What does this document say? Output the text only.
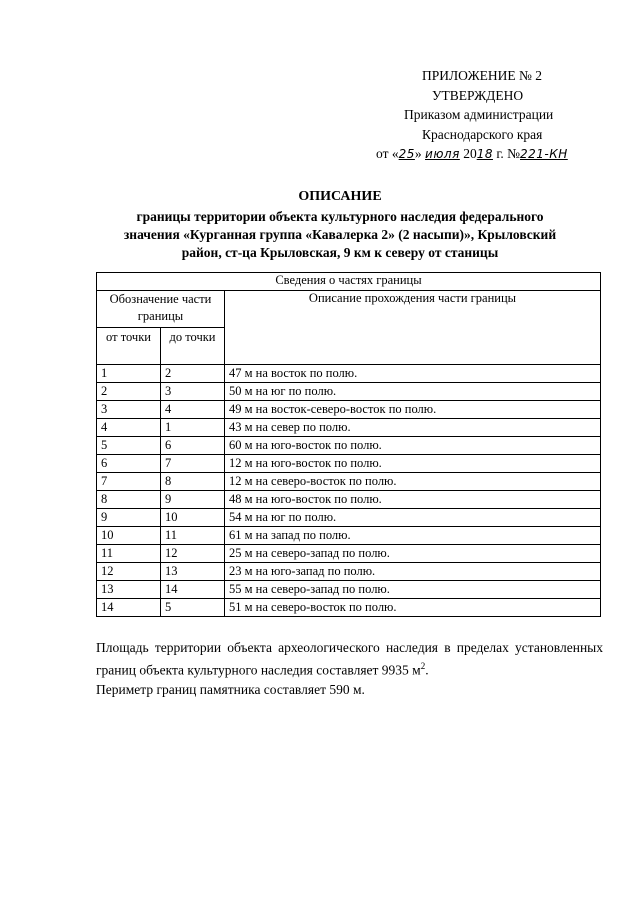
ПРИЛОЖЕНИЕ № 2
УТВЕРЖДЕНО
Приказом администрации
Краснодарского края
от «25» июля 2018 г. №221-КН
ОПИСАНИЕ
границы территории объекта культурного наследия федерального
значения «Курганная группа «Кавалерка 2» (2 насыпи)», Крыловский
район, ст-ца Крыловская, 9 км к северу от станицы
Сведения о частях границы		
Обозначение части границы		Описание прохождения части границы
от точки	до точки	
1	2	47 м на восток по полю.
2	3	50 м на юг по полю.
3	4	49 м на восток-северо-восток по полю.
4	1	43 м на север по полю.
5	6	60 м на юго-восток по полю.
6	7	12 м на юго-восток по полю.
7	8	12 м на северо-восток по полю.
8	9	48 м на юго-восток по полю.
9	10	54 м на юг по полю.
10	11	61 м на запад по полю.
11	12	25 м на северо-запад по полю.
12	13	23 м на юго-запад по полю.
13	14	55 м на северо-запад по полю.
14	5	51 м на северо-восток по полю.
Площадь территории объекта археологического наследия в пределах установленных границ объекта культурного наследия составляет 9935 $м^2$.
Периметр границ памятника составляет 590 м.
